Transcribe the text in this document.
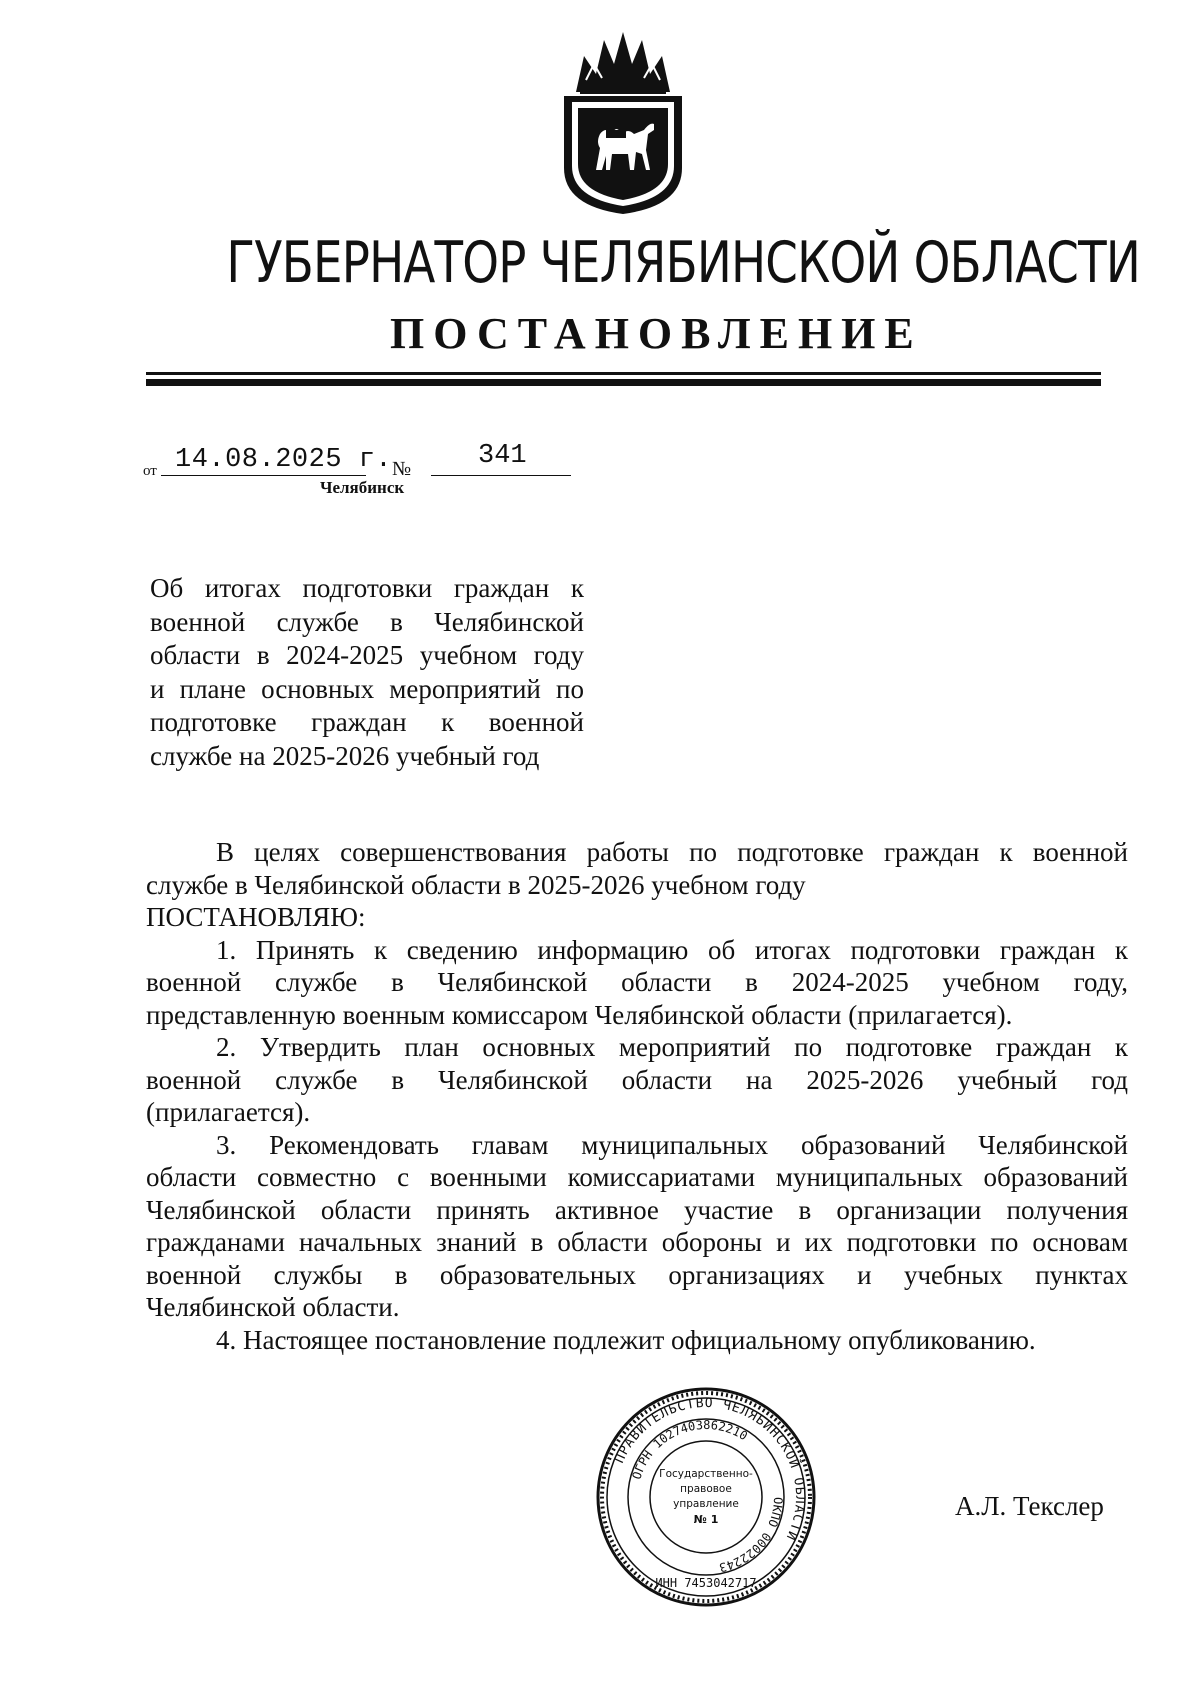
ГУБЕРНАТОР ЧЕЛЯБИНСКОЙ ОБЛАСТИ
ПОСТАНОВЛЕНИЕ
от 14.08.2025 г. № 341
Челябинск
Об итогах подготовки граждан к
военной службе в Челябинской
области в 2024-2025 учебном году
и плане основных мероприятий по
подготовке граждан к военной
службе на 2025-2026 учебный год
В целях совершенствования работы по подготовке граждан к военной
службе в Челябинской области в 2025-2026 учебном году
ПОСТАНОВЛЯЮ:
1. Принять к сведению информацию об итогах подготовки граждан к
военной службе в Челябинской области в 2024-2025 учебном году,
представленную военным комиссаром Челябинской области (прилагается).
2. Утвердить план основных мероприятий по подготовке граждан к
военной службе в Челябинской области на 2025-2026 учебный год
(прилагается).
3. Рекомендовать главам муниципальных образований Челябинской
области совместно с военными комиссариатами муниципальных образований
Челябинской области принять активное участие в организации получения
гражданами начальных знаний в области обороны и их подготовки по основам
военной службы в образовательных организациях и учебных пунктах
Челябинской области.
4. Настоящее постановление подлежит официальному опубликованию.
ПРАВИТЕЛЬСТВО ЧЕЛЯБИНСКОЙ ОБЛАСТИ
ОГРН 1027403862210
ОКПО 00022243
ИНН 7453042717
Государственно-
правовое
управление
№ 1	А.Л. Текслер
